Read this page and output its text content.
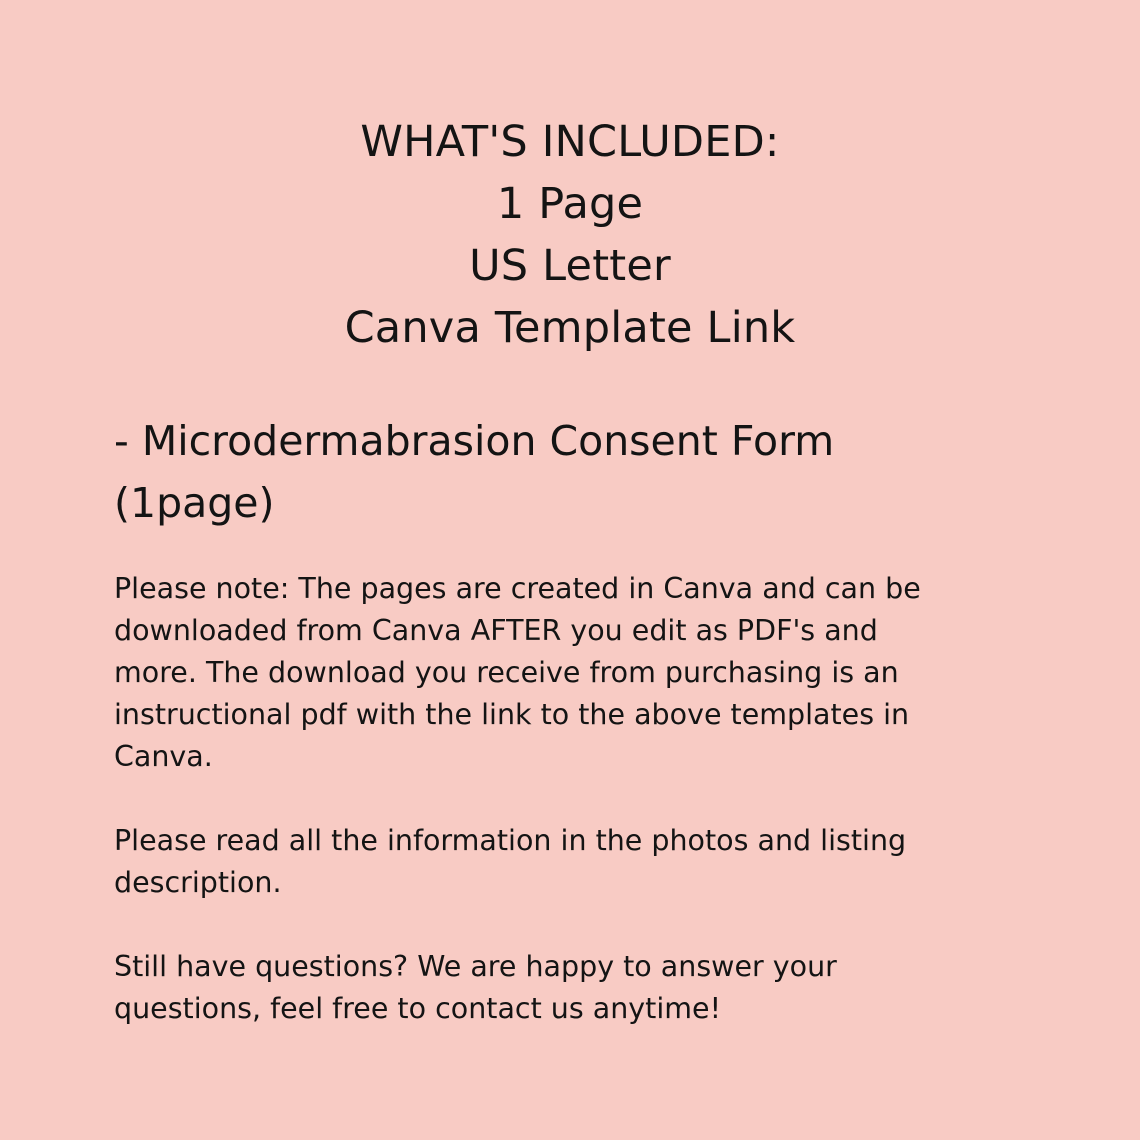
WHAT'S INCLUDED:
1 Page
US Letter
Canva Template Link
- Microdermabrasion Consent Form
(1page)
Please note: The pages are created in Canva and can be
downloaded from Canva AFTER you edit as PDF's and
more. The download you receive from purchasing is an
instructional pdf with the link to the above templates in
Canva.
Please read all the information in the photos and listing
description.
Still have questions? We are happy to answer your
questions, feel free to contact us anytime!
